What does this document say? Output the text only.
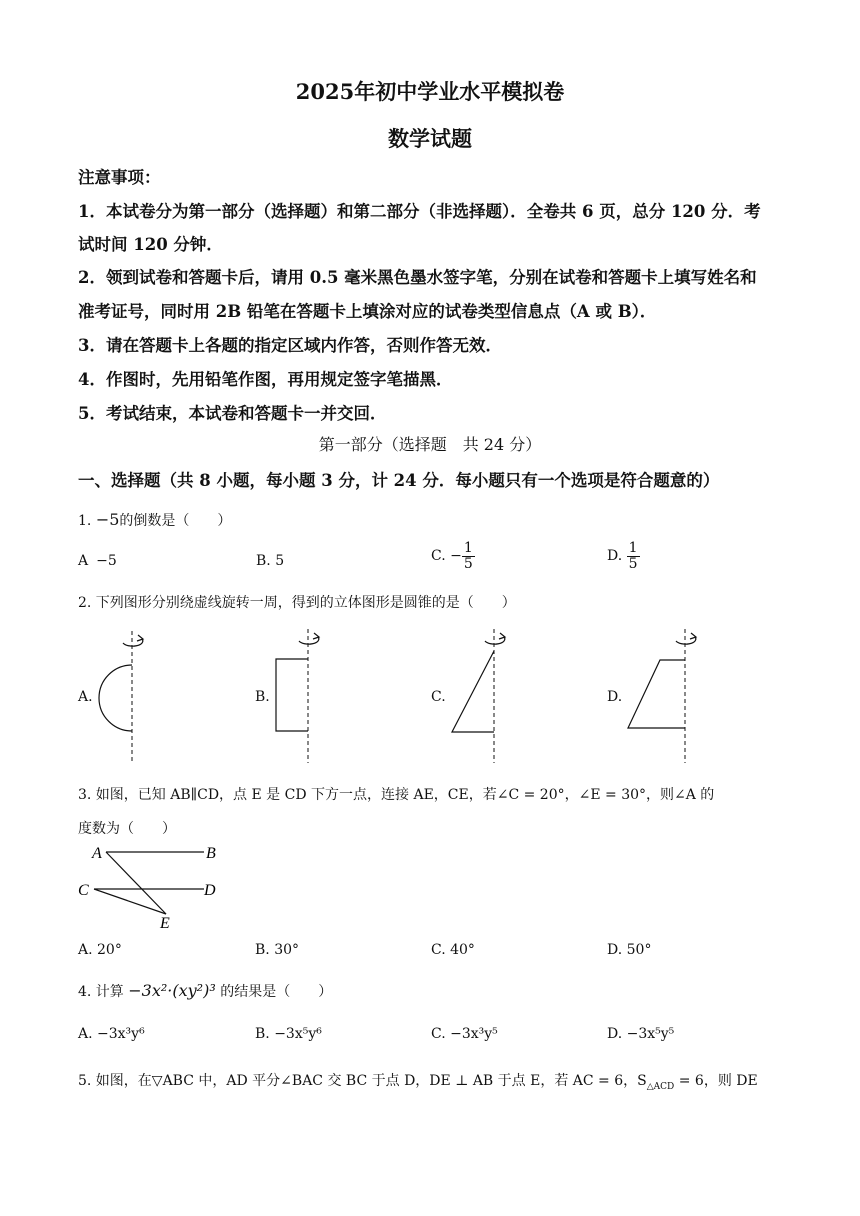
2025年初中学业水平模拟卷
数学试题
注意事项：
1．本试卷分为第一部分（选择题）和第二部分（非选择题）．全卷共 6 页，总分 120 分．考
试时间 120 分钟．
2．领到试卷和答题卡后，请用 0.5 毫米黑色墨水签字笔，分别在试卷和答题卡上填写姓名和
准考证号，同时用 2B 铅笔在答题卡上填涂对应的试卷类型信息点（A 或 B）．
3．请在答题卡上各题的指定区域内作答，否则作答无效．
4．作图时，先用铅笔作图，再用规定签字笔描黑．
5．考试结束，本试卷和答题卡一并交回．
第一部分（选择题　共 24 分）
一、选择题（共 8 小题，每小题 3 分，计 24 分．每小题只有一个选项是符合题意的）
1. −5的倒数是（　　）
A −5	B. 5	C. − $\frac{1}{5}$	D. $\frac{1}{5}$
2. 下列图形分别绕虚线旋转一周，得到的立体图形是圆锥的是（　　）
A.	B.	C.	D.
3. 如图，已知 AB∥CD，点 E 是 CD 下方一点，连接 AE，CE，若∠C = 20°，∠E = 30°，则∠A 的
度数为（　　）
A	B
C	D
E
A. 20°	B. 30°	C. 40°	D. 50°
4. 计算 −3x²·(xy²)³ 的结果是（　　）
A. −3x³y⁶	B. −3x⁵y⁶	C. −3x³y⁵	D. −3x⁵y⁵
5. 如图，在▽ABC 中，AD 平分∠BAC 交 BC 于点 D，DE ⊥ AB 于点 E，若 AC = 6，$S_{\triangle ACD} = 6$，则 DE
